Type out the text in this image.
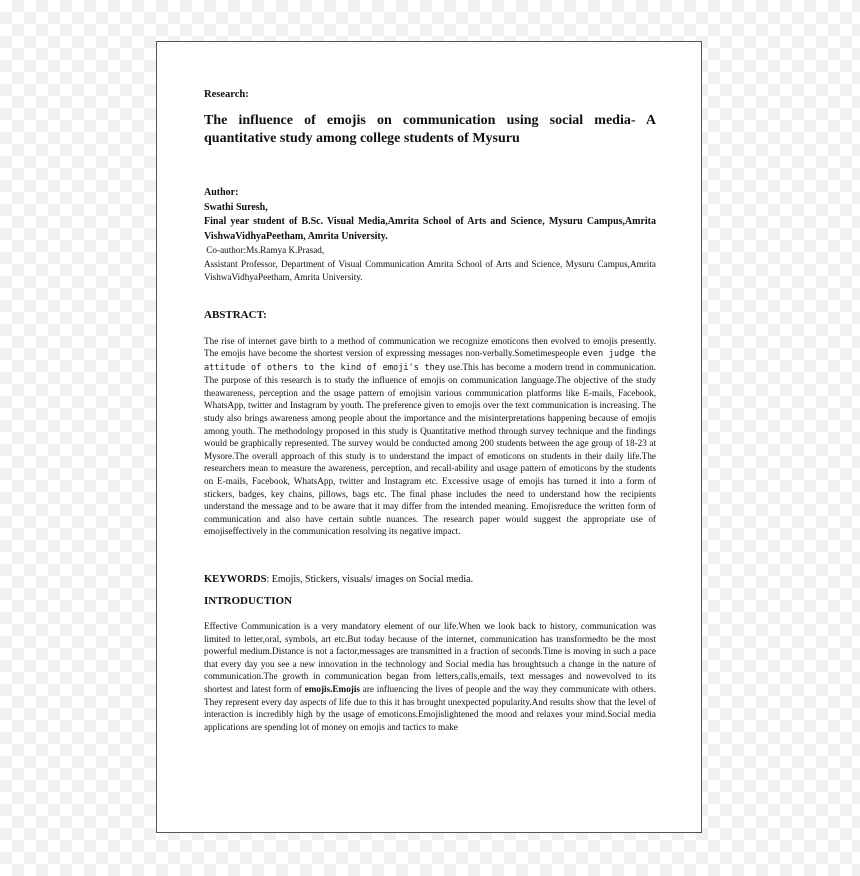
Research:

The influence of emojis on communication using social media- A quantitative study among college students of Mysuru

Author:
Swathi Suresh,
Final year student of B.Sc. Visual Media,Amrita School of Arts and Science, Mysuru Campus,Amrita VishwaVidhyaPeetham, Amrita University.
Co-author:Ms.Ramya K.Prasad,
Assistant Professor, Department of Visual Communication Amrita School of Arts and Science, Mysuru Campus,Amrita VishwaVidhyaPeetham, Amrita University.

ABSTRACT:

The rise of internet gave birth to a method of communication we recognize emoticons then evolved to emojis presently. The emojis have become the shortest version of expressing messages non-verbally.Sometimespeople even judge the attitude of others to the kind of emoji's they use.This has become a modern trend in communication. The purpose of this research is to study the influence of emojis on communication language.The objective of the study theawareness, perception and the usage pattern of emojisin various communication platforms like E-mails, Facebook, WhatsApp, twitter and Instagram by youth. The preference given to emojis over the text communication is increasing. The study also brings awareness among people about the importance and the misinterpretations happening because of emojis among youth. The methodology proposed in this study is Quantitative method through survey technique and the findings would be graphically represented. The survey would be conducted among 200 students between the age group of 18-23 at Mysore.The overall approach of this study is to understand the impact of emoticons on students in their daily life.The researchers mean to measure the awareness, perception, and recall-ability and usage pattern of emoticons by the students on E-mails, Facebook, WhatsApp, twitter and Instagram etc. Excessive usage of emojis has turned it into a form of stickers, badges, key chains, pillows, bags etc. The final phase includes the need to understand how the recipients understand the message and to be aware that it may differ from the intended meaning. Emojisreduce the written form of communication and also have certain subtle nuances. The research paper would suggest the appropriate use of emojiseffectively in the communication resolving its negative impact.

KEYWORDS: Emojis, Stickers, visuals/ images on Social media.

INTRODUCTION

Effective Communication is a very mandatory element of our life.When we look back to history, communication was limited to letter,oral, symbols, art etc.But today because of the internet, communication has transformedto be the most powerful medium.Distance is not a factor,messages are transmitted in a fraction of seconds.Time is moving in such a pace that every day you see a new innovation in the technology and Social media has broughtsuch a change in the nature of communication.The growth in communication began from letters,calls,emails, text messages and nowevolved to its shortest and latest form of emojis.Emojis are influencing the lives of people and the way they communicate with others. They represent every day aspects of life due to this it has brought unexpected popularity.And results show that the level of interaction is incredibly high by the usage of emoticons.Emojislightened the mood and relaxes your mind.Social media applications are spending lot of money on emojis and tactics to make
